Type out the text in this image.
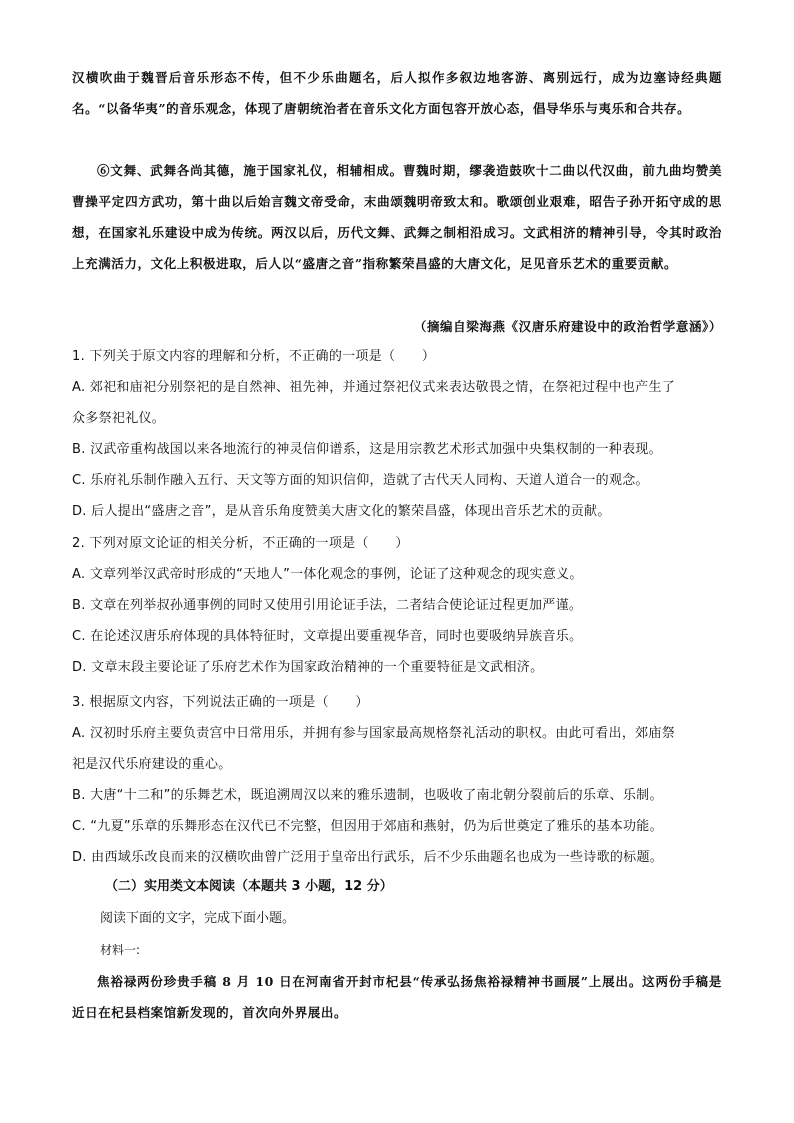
汉横吹曲于魏晋后音乐形态不传，但不少乐曲题名，后人拟作多叙边地客游、离别远行，成为边塞诗经典题名。“以备华夷”的音乐观念，体现了唐朝统治者在音乐文化方面包容开放心态，倡导华乐与夷乐和合共存。
⑥文舞、武舞各尚其德，施于国家礼仪，相辅相成。曹魏时期，缪袭造鼓吹十二曲以代汉曲，前九曲均赞美曹操平定四方武功，第十曲以后始言魏文帝受命，末曲颂魏明帝致太和。歌颂创业艰难，昭告子孙开拓守成的思想，在国家礼乐建设中成为传统。两汉以后，历代文舞、武舞之制相沿成习。文武相济的精神引导，令其时政治上充满活力，文化上积极进取，后人以“盛唐之音”指称繁荣昌盛的大唐文化，足见音乐艺术的重要贡献。
（摘编自梁海燕《汉唐乐府建设中的政治哲学意涵》）
1. 下列关于原文内容的理解和分析，不正确的一项是（　　）
A. 郊祀和庙祀分别祭祀的是自然神、祖先神，并通过祭祀仪式来表达敬畏之情，在祭祀过程中也产生了
众多祭祀礼仪。
B. 汉武帝重构战国以来各地流行的神灵信仰谱系，这是用宗教艺术形式加强中央集权制的一种表现。
C. 乐府礼乐制作融入五行、天文等方面的知识信仰，造就了古代天人同构、天道人道合一的观念。
D. 后人提出“盛唐之音”，是从音乐角度赞美大唐文化的繁荣昌盛，体现出音乐艺术的贡献。
2. 下列对原文论证的相关分析，不正确的一项是（　　）
A. 文章列举汉武帝时形成的“天地人”一体化观念的事例，论证了这种观念的现实意义。
B. 文章在列举叔孙通事例的同时又使用引用论证手法，二者结合使论证过程更加严谨。
C. 在论述汉唐乐府体现的具体特征时，文章提出要重视华音，同时也要吸纳异族音乐。
D. 文章末段主要论证了乐府艺术作为国家政治精神的一个重要特征是文武相济。
3. 根据原文内容，下列说法正确的一项是（　　）
A. 汉初时乐府主要负责宫中日常用乐，并拥有参与国家最高规格祭礼活动的职权。由此可看出，郊庙祭
祀是汉代乐府建设的重心。
B. 大唐“十二和”的乐舞艺术，既追溯周汉以来的雅乐遗制，也吸收了南北朝分裂前后的乐章、乐制。
C. “九夏”乐章的乐舞形态在汉代已不完整，但因用于郊庙和燕射，仍为后世奠定了雅乐的基本功能。
D. 由西域乐改良而来的汉横吹曲曾广泛用于皇帝出行武乐，后不少乐曲题名也成为一些诗歌的标题。
（二）实用类文本阅读（本题共 3 小题，12 分）
阅读下面的文字，完成下面小题。
材料一:
焦裕禄两份珍贵手稿 8 月 10 日在河南省开封市杞县“传承弘扬焦裕禄精神书画展”上展出。这两份手稿是近日在杞县档案馆新发现的，首次向外界展出。
